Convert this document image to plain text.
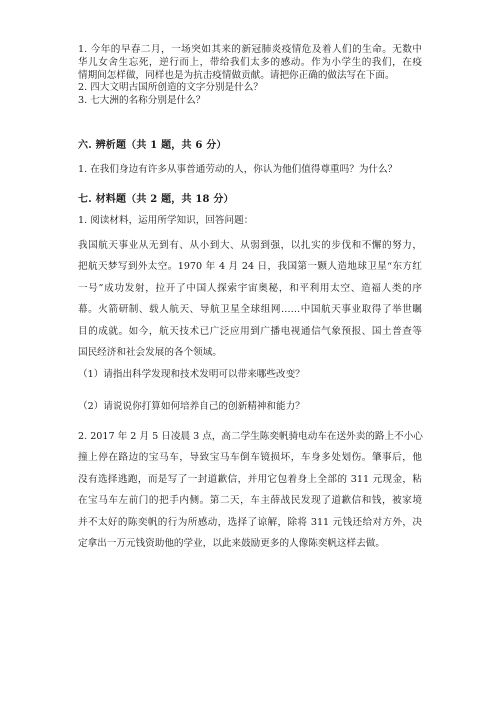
1. 今年的早春二月，一场突如其来的新冠肺炎疫情危及着人们的生命。无数中
华儿女舍生忘死，逆行而上，带给我们太多的感动。作为小学生的我们，在疫
情期间怎样做，同样也是为抗击疫情做贡献。请把你正确的做法写在下面。
2. 四大文明古国所创造的文字分别是什么？
3. 七大洲的名称分别是什么？
六. 辨析题（共 1 题，共 6 分）
1. 在我们身边有许多从事普通劳动的人，你认为他们值得尊重吗？为什么？
七. 材料题（共 2 题，共 18 分）
1. 阅读材料，运用所学知识，回答问题：
我国航天事业从无到有、从小到大、从弱到强，以扎实的步伐和不懈的努力，
把航天梦写到外太空。1970 年 4 月 24 日，我国第一颗人造地球卫星“东方红
一号”成功发射，拉开了中国人探索宇宙奥秘，和平利用太空、造福人类的序
幕。火箭研制、载人航天、导航卫星全球组网……中国航天事业取得了举世瞩
目的成就。如今，航天技术已广泛应用到广播电视通信气象预报、国土普查等
国民经济和社会发展的各个领域。
（1）请指出科学发现和技术发明可以带来哪些改变？
（2）请说说你打算如何培养自己的创新精神和能力？
2. 2017 年 2 月 5 日凌晨 3 点，高二学生陈奕帆骑电动车在送外卖的路上不小心
撞上停在路边的宝马车，导致宝马车倒车镜损坏，车身多处划伤。肇事后，他
没有选择逃跑，而是写了一封道歉信，并用它包着身上全部的 311 元现金，粘
在宝马车左前门的把手内侧。第二天，车主薛战民发现了道歉信和钱，被家境
并不太好的陈奕帆的行为所感动，选择了谅解，除将 311 元钱还给对方外，决
定拿出一万元钱资助他的学业，以此来鼓励更多的人像陈奕帆这样去做。
